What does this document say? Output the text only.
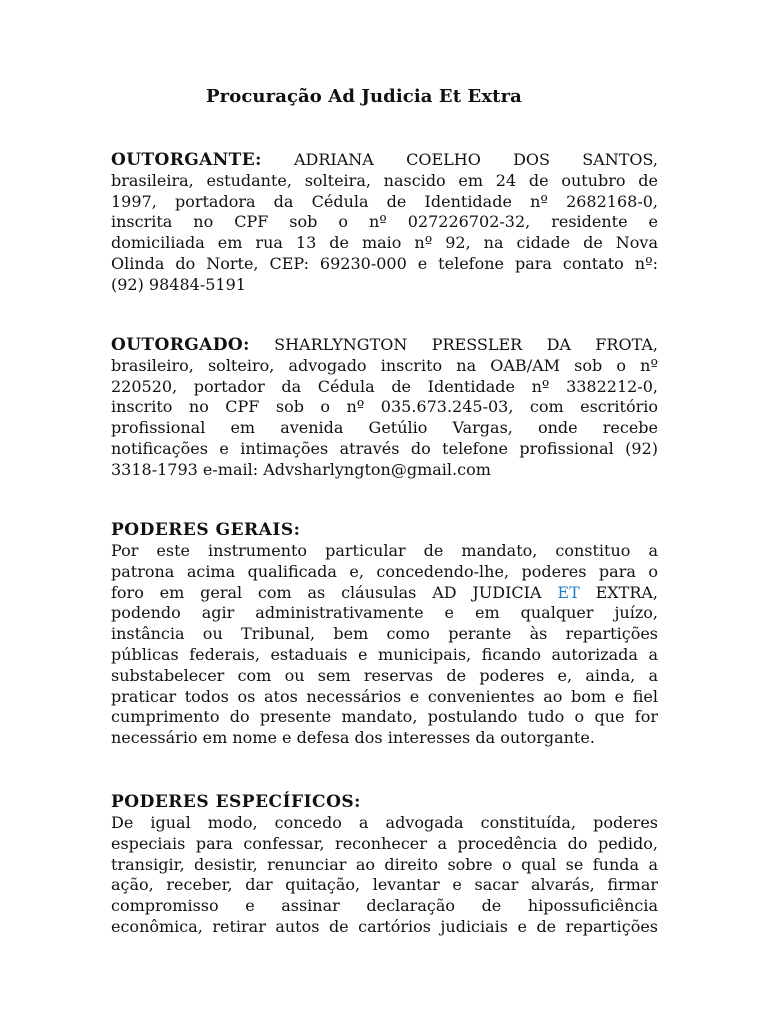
Procuração Ad Judicia Et Extra
OUTORGANTE: ADRIANA COELHO DOS SANTOS,
brasileira, estudante, solteira, nascido em 24 de outubro de
1997, portadora da Cédula de Identidade nº 2682168-0,
inscrita no CPF sob o nº 027226702-32, residente e
domiciliada em rua 13 de maio nº 92, na cidade de Nova
Olinda do Norte, CEP: 69230-000 e telefone para contato nº:
(92) 98484-5191
OUTORGADO: SHARLYNGTON PRESSLER DA FROTA,
brasileiro, solteiro, advogado inscrito na OAB/AM sob o nº
220520, portador da Cédula de Identidade nº 3382212-0,
inscrito no CPF sob o nº 035.673.245-03, com escritório
profissional em avenida Getúlio Vargas, onde recebe
notificações e intimações através do telefone profissional (92)
3318-1793 e-mail: Advsharlyngton@gmail.com
PODERES GERAIS:
Por este instrumento particular de mandato, constituo a
patrona acima qualificada e, concedendo-lhe, poderes para o
foro em geral com as cláusulas AD JUDICIA ET EXTRA,
podendo agir administrativamente e em qualquer juízo,
instância ou Tribunal, bem como perante às repartições
públicas federais, estaduais e municipais, ficando autorizada a
substabelecer com ou sem reservas de poderes e, ainda, a
praticar todos os atos necessários e convenientes ao bom e fiel
cumprimento do presente mandato, postulando tudo o que for
necessário em nome e defesa dos interesses da outorgante.
PODERES ESPECÍFICOS:
De igual modo, concedo a advogada constituída, poderes
especiais para confessar, reconhecer a procedência do pedido,
transigir, desistir, renunciar ao direito sobre o qual se funda a
ação, receber, dar quitação, levantar e sacar alvarás, firmar
compromisso e assinar declaração de hipossuficiência
econômica, retirar autos de cartórios judiciais e de repartições
